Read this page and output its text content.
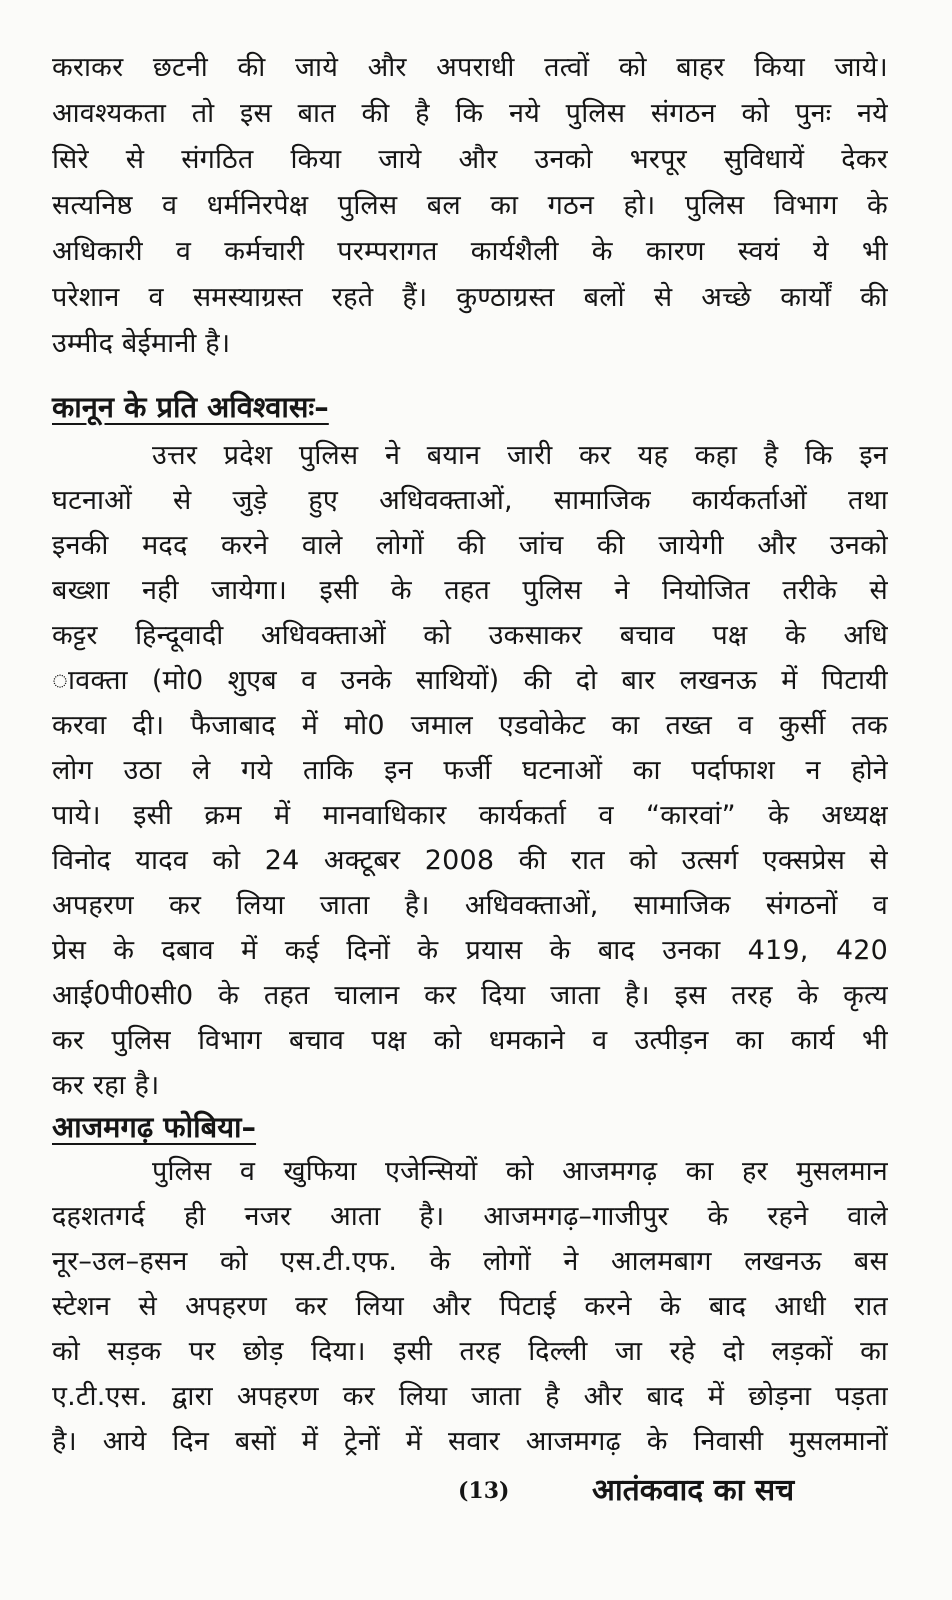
कराकर छटनी की जाये और अपराधी तत्वों को बाहर किया जाये।
आवश्यकता तो इस बात की है कि नये पुलिस संगठन को पुनः नये
सिरे से संगठित किया जाये और उनको भरपूर सुविधायें देकर
सत्यनिष्ठ व धर्मनिरपेक्ष पुलिस बल का गठन हो। पुलिस विभाग के
अधिकारी व कर्मचारी परम्परागत कार्यशैली के कारण स्वयं ये भी
परेशान व समस्याग्रस्त रहते हैं। कुण्ठाग्रस्त बलों से अच्छे कार्यों की
उम्मीद बेईमानी है।
कानून के प्रति अविश्वासः–
उत्तर प्रदेश पुलिस ने बयान जारी कर यह कहा है कि इन
घटनाओं से जुड़े हुए अधिवक्ताओं, सामाजिक कार्यकर्ताओं तथा
इनकी मदद करने वाले लोगों की जांच की जायेगी और उनको
बख्शा नही जायेगा। इसी के तहत पुलिस ने नियोजित तरीके से
कट्टर हिन्दूवादी अधिवक्ताओं को उकसाकर बचाव पक्ष के अधि
ावक्ता (मो0 शुएब व उनके साथियों) की दो बार लखनऊ में पिटायी
करवा दी। फैजाबाद में मो0 जमाल एडवोकेट का तख्त व कुर्सी तक
लोग उठा ले गये ताकि इन फर्जी घटनाओं का पर्दाफाश न होने
पाये। इसी क्रम में मानवाधिकार कार्यकर्ता व “कारवां” के अध्यक्ष
विनोद यादव को 24 अक्टूबर 2008 की रात को उत्सर्ग एक्सप्रेस से
अपहरण कर लिया जाता है। अधिवक्ताओं, सामाजिक संगठनों व
प्रेस के दबाव में कई दिनों के प्रयास के बाद उनका 419, 420
आई0पी0सी0 के तहत चालान कर दिया जाता है। इस तरह के कृत्य
कर पुलिस विभाग बचाव पक्ष को धमकाने व उत्पीड़न का कार्य भी
कर रहा है।
आजमगढ़ फोबिया–
पुलिस व खुफिया एजेन्सियों को आजमगढ़ का हर मुसलमान
दहशतगर्द ही नजर आता है। आजमगढ़–गाजीपुर के रहने वाले
नूर–उल–हसन को एस.टी.एफ. के लोगों ने आलमबाग लखनऊ बस
स्टेशन से अपहरण कर लिया और पिटाई करने के बाद आधी रात
को सड़क पर छोड़ दिया। इसी तरह दिल्ली जा रहे दो लड़कों का
ए.टी.एस. द्वारा अपहरण कर लिया जाता है और बाद में छोड़ना पड़ता
है। आये दिन बसों में ट्रेनों में सवार आजमगढ़ के निवासी मुसलमानों
(13)	आतंकवाद का सच
